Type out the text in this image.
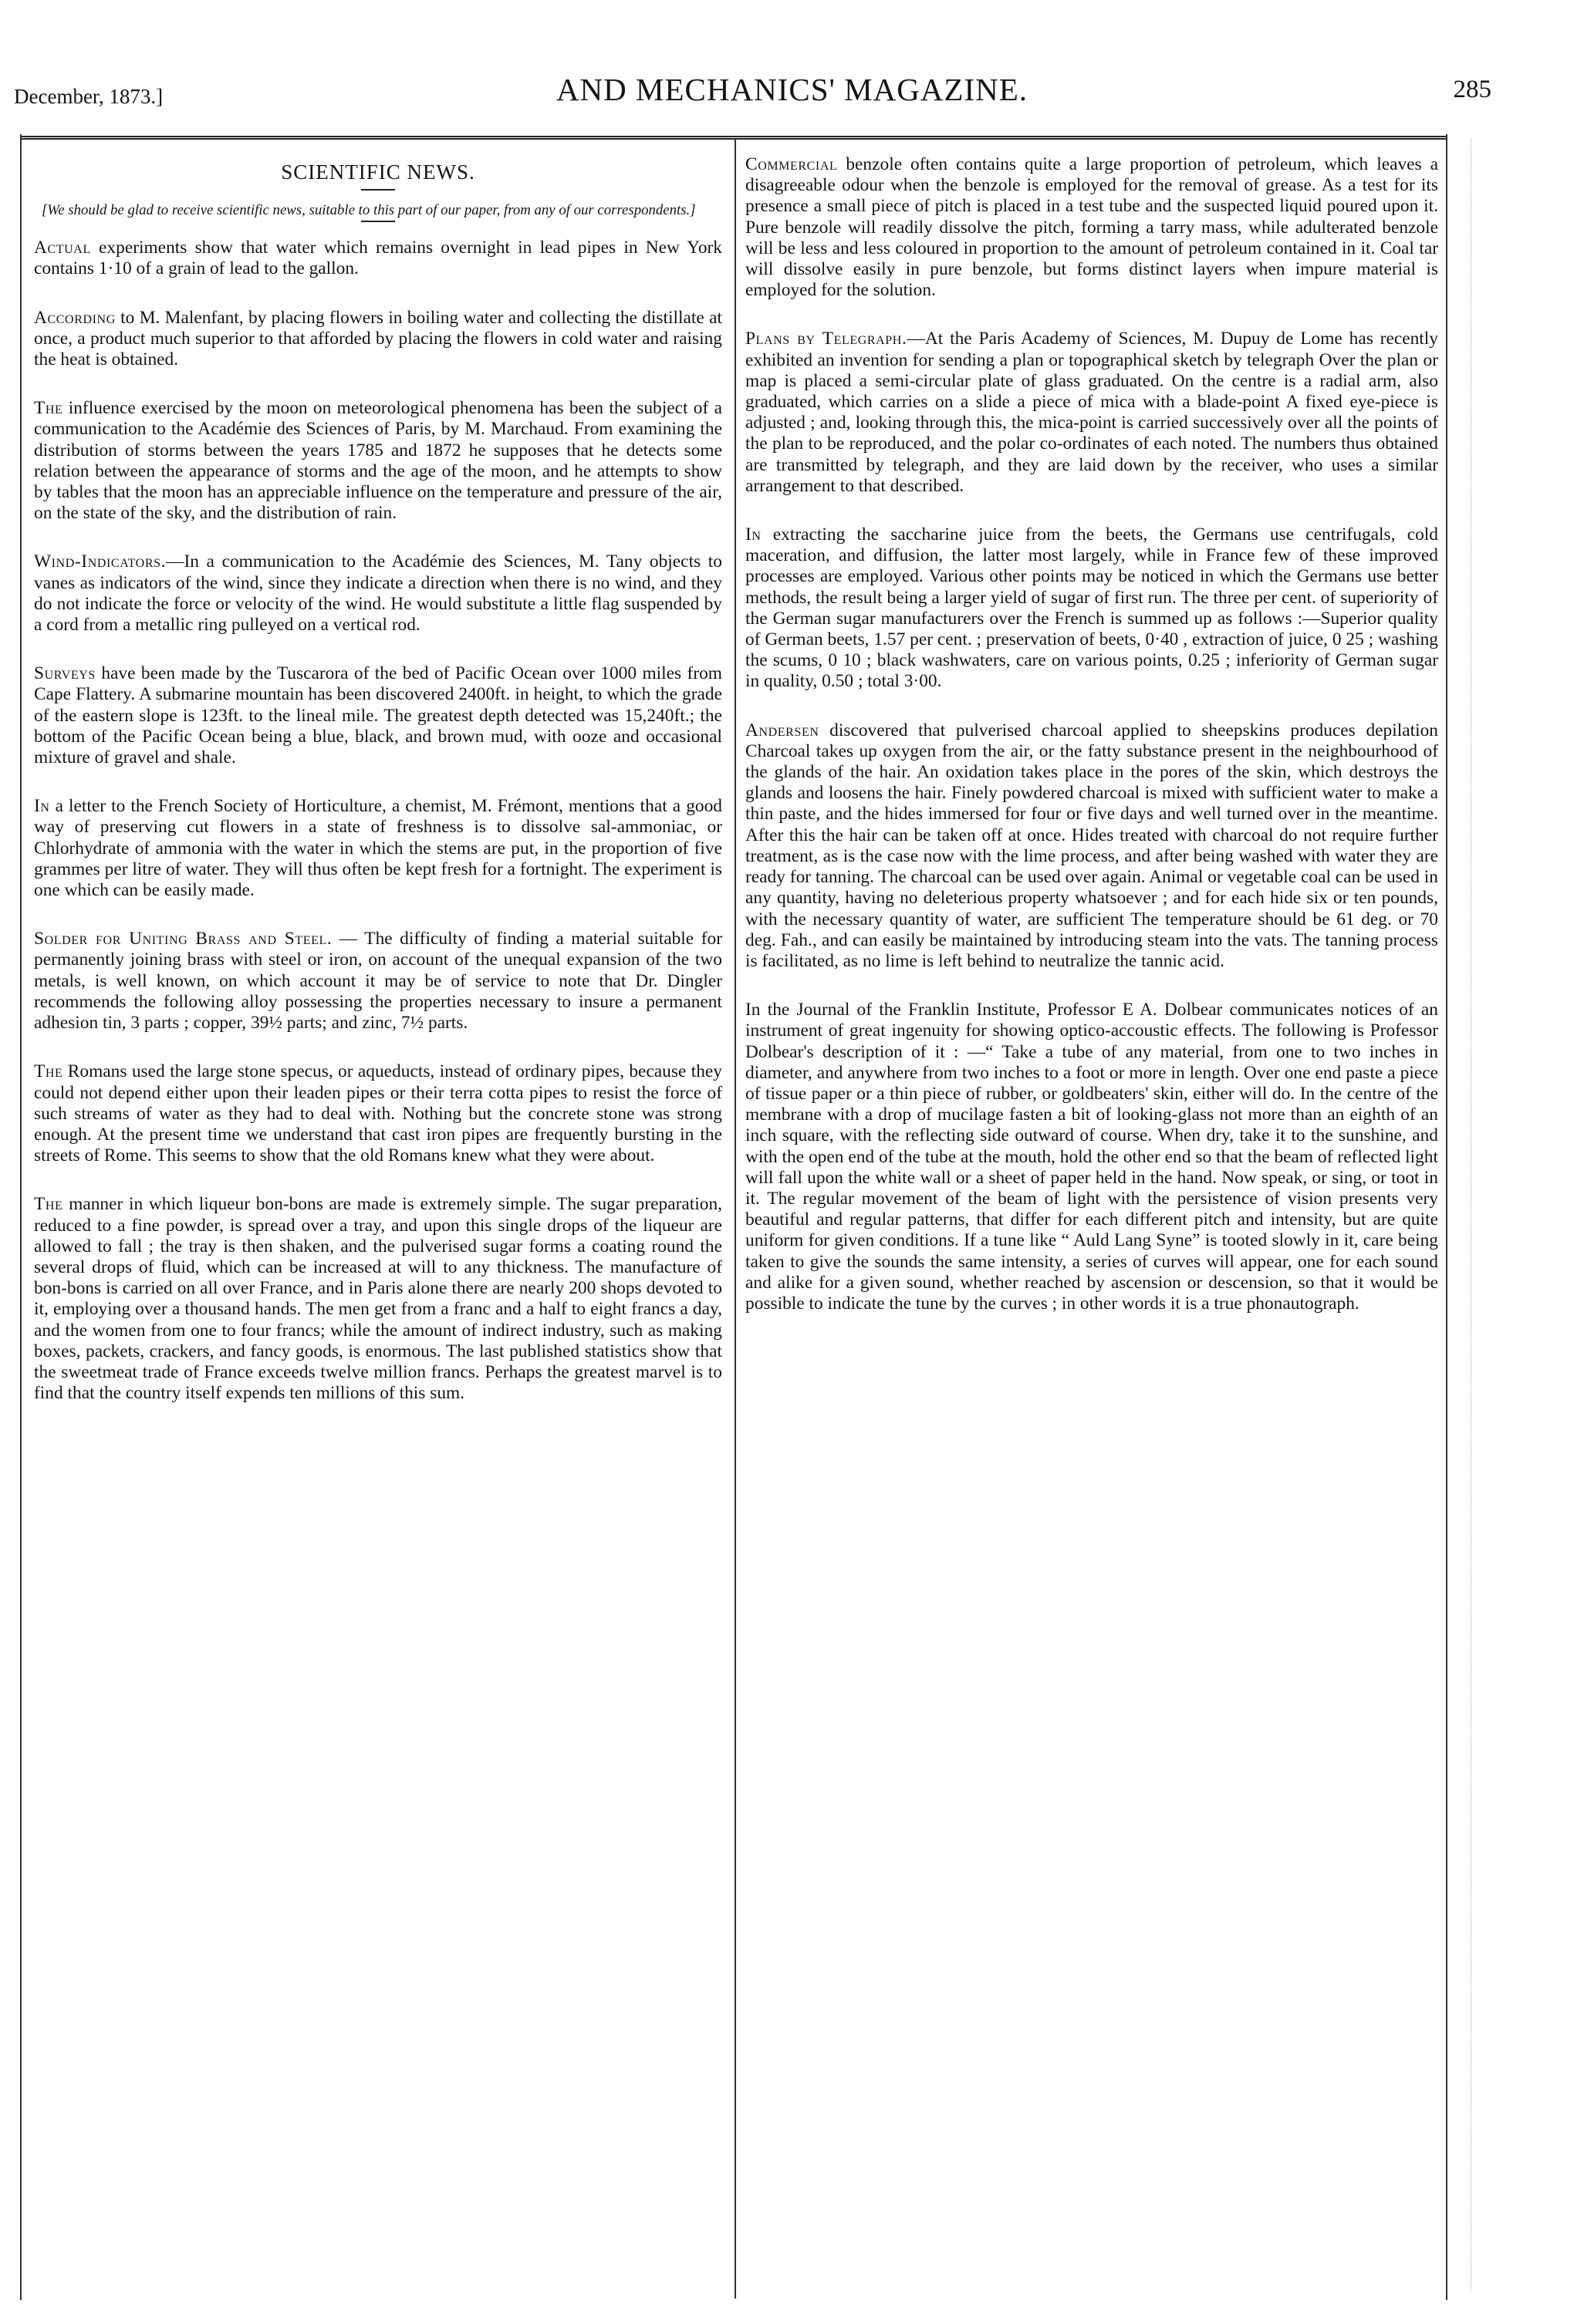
December, 1873.]	AND MECHANICS' MAGAZINE.	285
SCIENTIFIC NEWS.
[We should be glad to receive scientific news, suitable to this part of our paper, from any of our correspondents.]

Actual experiments show that water which remains overnight in lead pipes in New York contains 1·10 of a grain of lead to the gallon.

According to M. Malenfant, by placing flowers in boiling water and collecting the distillate at once, a product much superior to that afforded by placing the flowers in cold water and raising the heat is obtained.

The influence exercised by the moon on meteorological phenomena has been the subject of a communication to the Académie des Sciences of Paris, by M. Marchaud. From examining the distribution of storms between the years 1785 and 1872 he supposes that he detects some relation between the appearance of storms and the age of the moon, and he attempts to show by tables that the moon has an appreciable influence on the temperature and pressure of the air, on the state of the sky, and the distribution of rain.

Wind-Indicators.—In a communication to the Académie des Sciences, M. Tany objects to vanes as indicators of the wind, since they indicate a direction when there is no wind, and they do not indicate the force or velocity of the wind. He would substitute a little flag suspended by a cord from a metallic ring pulleyed on a vertical rod.

Surveys have been made by the Tuscarora of the bed of Pacific Ocean over 1000 miles from Cape Flattery. A submarine mountain has been discovered 2400ft. in height, to which the grade of the eastern slope is 123ft. to the lineal mile. The greatest depth detected was 15,240ft.; the bottom of the Pacific Ocean being a blue, black, and brown mud, with ooze and occasional mixture of gravel and shale.

In a letter to the French Society of Horticulture, a chemist, M. Frémont, mentions that a good way of preserving cut flowers in a state of freshness is to dissolve sal-ammoniac, or Chlorhydrate of ammonia with the water in which the stems are put, in the proportion of five grammes per litre of water. They will thus often be kept fresh for a fortnight. The experiment is one which can be easily made.

Solder for Uniting Brass and Steel. — The difficulty of finding a material suitable for permanently joining brass with steel or iron, on account of the unequal expansion of the two metals, is well known, on which account it may be of service to note that Dr. Dingler recommends the following alloy possessing the properties necessary to insure a permanent adhesion tin, 3 parts ; copper, 39½ parts; and zinc, 7½ parts.

The Romans used the large stone specus, or aqueducts, instead of ordinary pipes, because they could not depend either upon their leaden pipes or their terra cotta pipes to resist the force of such streams of water as they had to deal with. Nothing but the concrete stone was strong enough. At the present time we understand that cast iron pipes are frequently bursting in the streets of Rome. This seems to show that the old Romans knew what they were about.

The manner in which liqueur bon-bons are made is extremely simple. The sugar preparation, reduced to a fine powder, is spread over a tray, and upon this single drops of the liqueur are allowed to fall ; the tray is then shaken, and the pulverised sugar forms a coating round the several drops of fluid, which can be increased at will to any thickness. The manufacture of bon-bons is carried on all over France, and in Paris alone there are nearly 200 shops devoted to it, employing over a thousand hands. The men get from a franc and a half to eight francs a day, and the women from one to four francs; while the amount of indirect industry, such as making boxes, packets, crackers, and fancy goods, is enormous. The last published statistics show that the sweetmeat trade of France exceeds twelve million francs. Perhaps the greatest marvel is to find that the country itself expends ten millions of this sum.

Commercial benzole often contains quite a large proportion of petroleum, which leaves a disagreeable odour when the benzole is employed for the removal of grease. As a test for its presence a small piece of pitch is placed in a test tube and the suspected liquid poured upon it. Pure benzole will readily dissolve the pitch, forming a tarry mass, while adulterated benzole will be less and less coloured in proportion to the amount of petroleum contained in it. Coal tar will dissolve easily in pure benzole, but forms distinct layers when impure material is employed for the solution.

Plans by Telegraph.—At the Paris Academy of Sciences, M. Dupuy de Lome has recently exhibited an invention for sending a plan or topographical sketch by telegraph Over the plan or map is placed a semi-circular plate of glass graduated. On the centre is a radial arm, also graduated, which carries on a slide a piece of mica with a blade-point A fixed eye-piece is adjusted ; and, looking through this, the mica-point is carried successively over all the points of the plan to be reproduced, and the polar co-ordinates of each noted. The numbers thus obtained are transmitted by telegraph, and they are laid down by the receiver, who uses a similar arrangement to that described.

In extracting the saccharine juice from the beets, the Germans use centrifugals, cold maceration, and diffusion, the latter most largely, while in France few of these improved processes are employed. Various other points may be noticed in which the Germans use better methods, the result being a larger yield of sugar of first run. The three per cent. of superiority of the German sugar manufacturers over the French is summed up as follows :—Superior quality of German beets, 1.57 per cent. ; preservation of beets, 0·40 , extraction of juice, 0 25 ; washing the scums, 0 10 ; black washwaters, care on various points, 0.25 ; inferiority of German sugar in quality, 0.50 ; total 3·00.

Andersen discovered that pulverised charcoal applied to sheepskins produces depilation Charcoal takes up oxygen from the air, or the fatty substance present in the neighbourhood of the glands of the hair. An oxidation takes place in the pores of the skin, which destroys the glands and loosens the hair. Finely powdered charcoal is mixed with sufficient water to make a thin paste, and the hides immersed for four or five days and well turned over in the meantime. After this the hair can be taken off at once. Hides treated with charcoal do not require further treatment, as is the case now with the lime process, and after being washed with water they are ready for tanning. The charcoal can be used over again. Animal or vegetable coal can be used in any quantity, having no deleterious property whatsoever ; and for each hide six or ten pounds, with the necessary quantity of water, are sufficient The temperature should be 61 deg. or 70 deg. Fah., and can easily be maintained by introducing steam into the vats. The tanning process is facilitated, as no lime is left behind to neutralize the tannic acid.

In the Journal of the Franklin Institute, Professor E A. Dolbear communicates notices of an instrument of great ingenuity for showing optico-accoustic effects. The following is Professor Dolbear's description of it : —“ Take a tube of any material, from one to two inches in diameter, and anywhere from two inches to a foot or more in length. Over one end paste a piece of tissue paper or a thin piece of rubber, or goldbeaters' skin, either will do. In the centre of the membrane with a drop of mucilage fasten a bit of looking-glass not more than an eighth of an inch square, with the reflecting side outward of course. When dry, take it to the sunshine, and with the open end of the tube at the mouth, hold the other end so that the beam of reflected light will fall upon the white wall or a sheet of paper held in the hand. Now speak, or sing, or toot in it. The regular movement of the beam of light with the persistence of vision presents very beautiful and regular patterns, that differ for each different pitch and intensity, but are quite uniform for given conditions. If a tune like “ Auld Lang Syne” is tooted slowly in it, care being taken to give the sounds the same intensity, a series of curves will appear, one for each sound and alike for a given sound, whether reached by ascension or descension, so that it would be possible to indicate the tune by the curves ; in other words it is a true phonautograph.
